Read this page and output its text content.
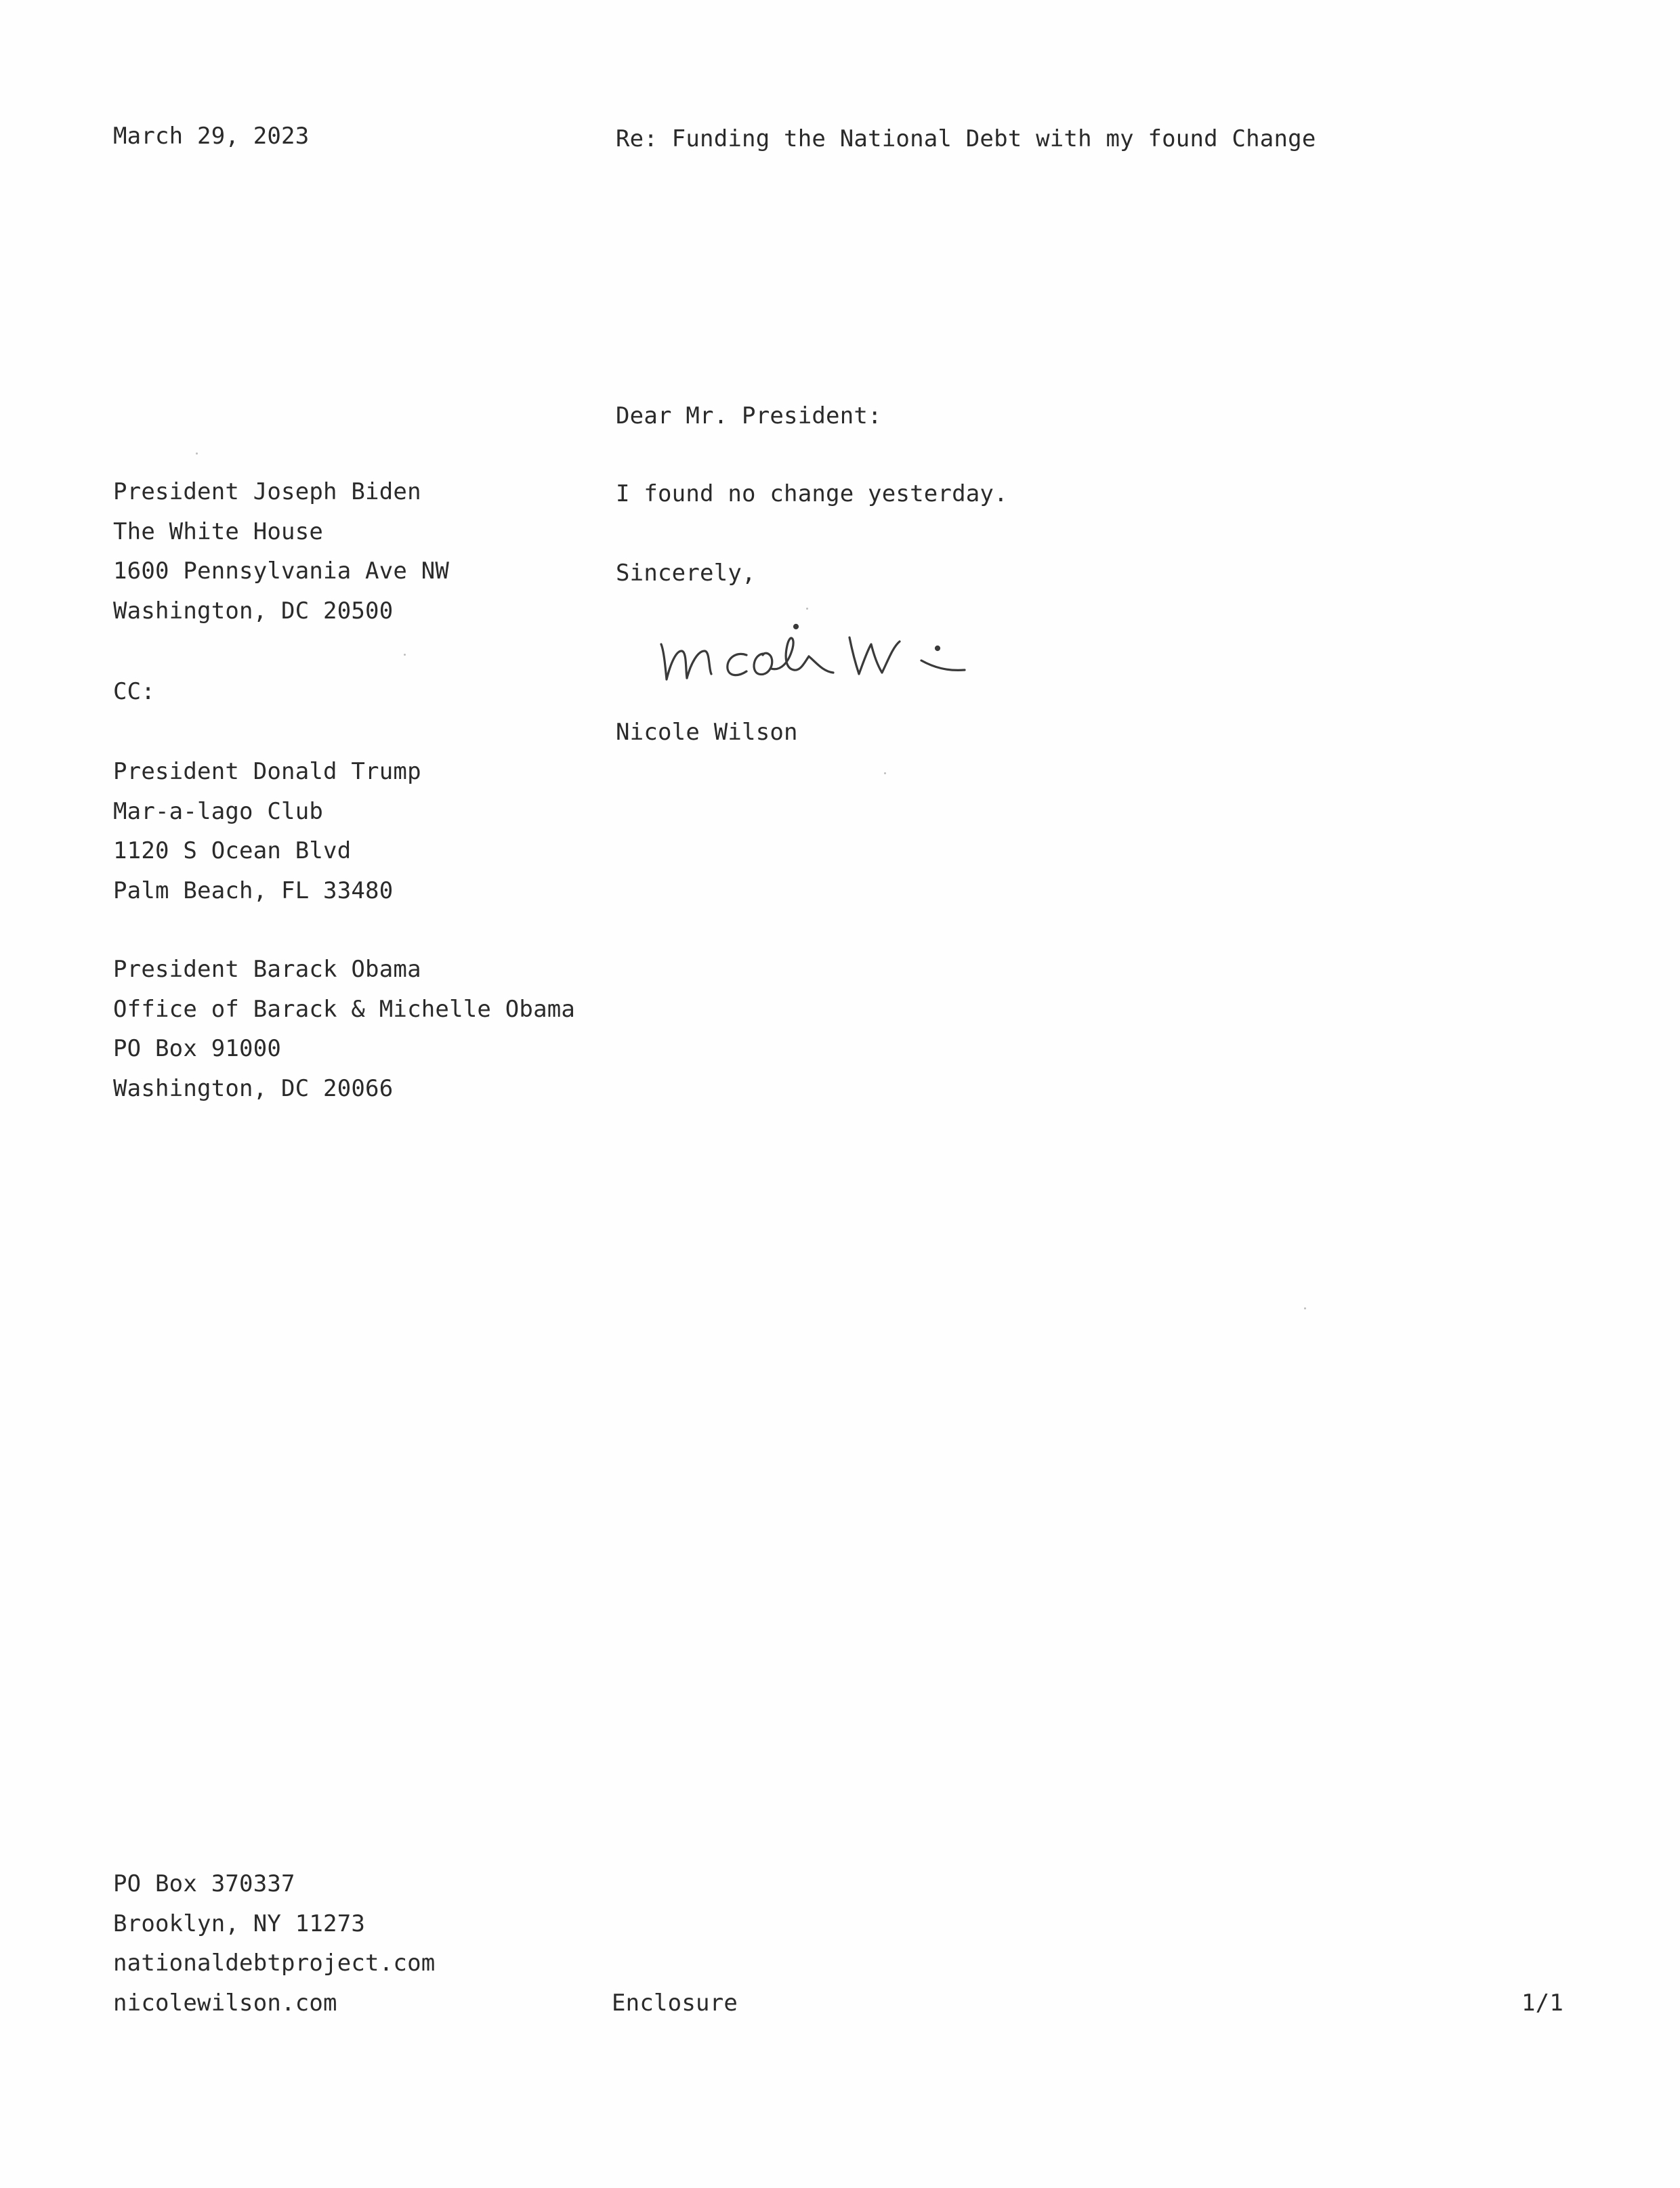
March 29, 2023	Re: Funding the National Debt with my found Change
Dear Mr. President:
President Joseph Biden
The White House
1600 Pennsylvania Ave NW
Washington, DC 20500
I found no change yesterday.
Sincerely,
Nicole Wilson
CC:
President Donald Trump
Mar-a-lago Club
1120 S Ocean Blvd
Palm Beach, FL 33480
President Barack Obama
Office of Barack & Michelle Obama
PO Box 91000
Washington, DC 20066
PO Box 370337
Brooklyn, NY 11273
nationaldebtproject.com
nicolewilson.com	Enclosure	1/1
